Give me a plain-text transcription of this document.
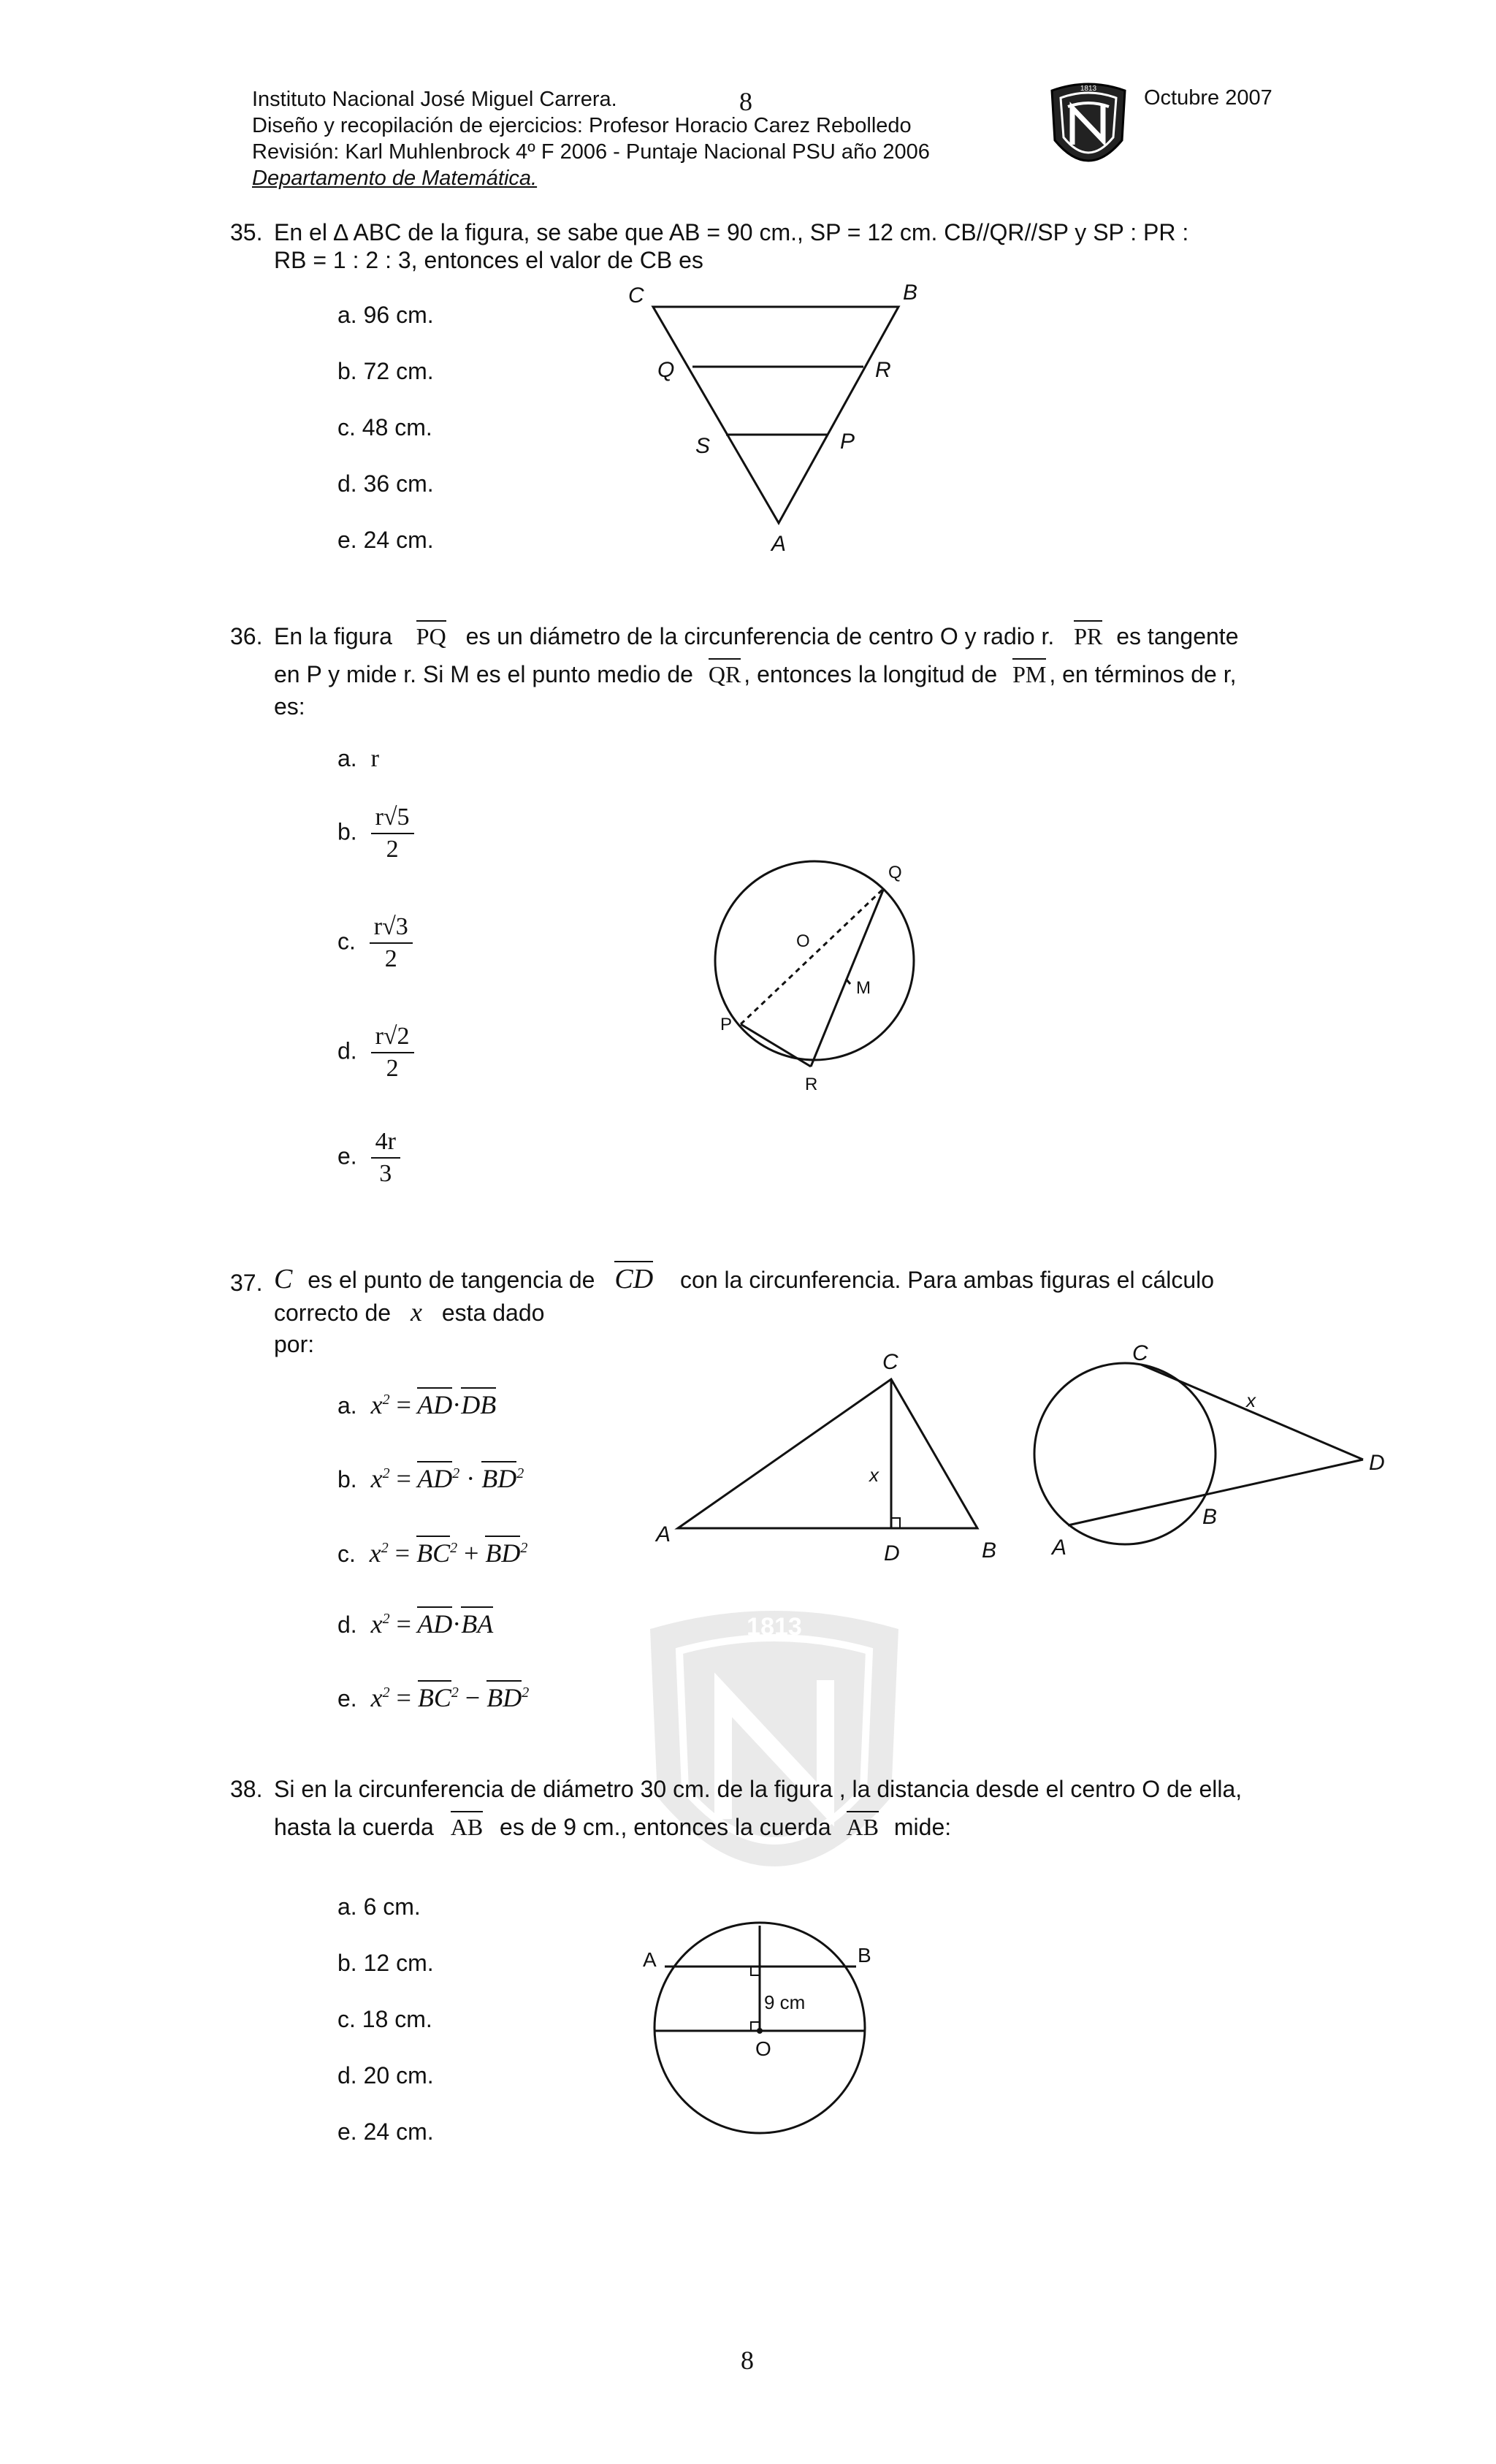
Instituto Nacional José Miguel Carrera.	8
Diseño y recopilación de ejercicios: Profesor Horacio Carez Rebolledo
Revisión: Karl Muhlenbrock 4º F 2006 - Puntaje Nacional PSU año 2006
Departamento de Matemática.
Octubre 2007
1813
1813
35. En el ∆ ABC de la figura, se sabe que AB = 90 cm., SP = 12 cm. CB//QR//SP y SP : PR :
RB = 1 : 2 : 3, entonces el valor de CB es
a. 96 cm.
b. 72 cm.
c. 48 cm.
d. 36 cm.
e. 24 cm.
C	B
Q	R
S	P
A
36. En la figura PQ es un diámetro de la circunferencia de centro O y radio r. PR es tangente
en P y mide r. Si M es el punto medio de QR , entonces la longitud de PM , en términos de r,
es:
a. r
b. $\frac{r√5}{2}$
c. $\frac{r√3}{2}$
d. $\frac{r√2}{2}$
e. $\frac{4r}{3}$
Q
O
M
P
R
37. C es el punto de tangencia de CD con la circunferencia. Para ambas figuras el cálculo
correcto de x esta dado
por:
a. $x^2 = AD\cdot DB$
b. $x^2 = AD^2 \cdot BD^2$
c. $x^2 = BC^2 + BD^2$
d. $x^2 = AD\cdot BA$
e. $x^2 = BC^2 - BD^2$
C
x
A
D	B
C
x
D
A
B
38. Si en la circunferencia de diámetro 30 cm. de la figura , la distancia desde el centro O de ella,
hasta la cuerda AB es de 9 cm., entonces la cuerda AB mide:
a. 6 cm.
b. 12 cm.
c. 18 cm.
d. 20 cm.
e. 24 cm.
A	B
9 cm
O
8
